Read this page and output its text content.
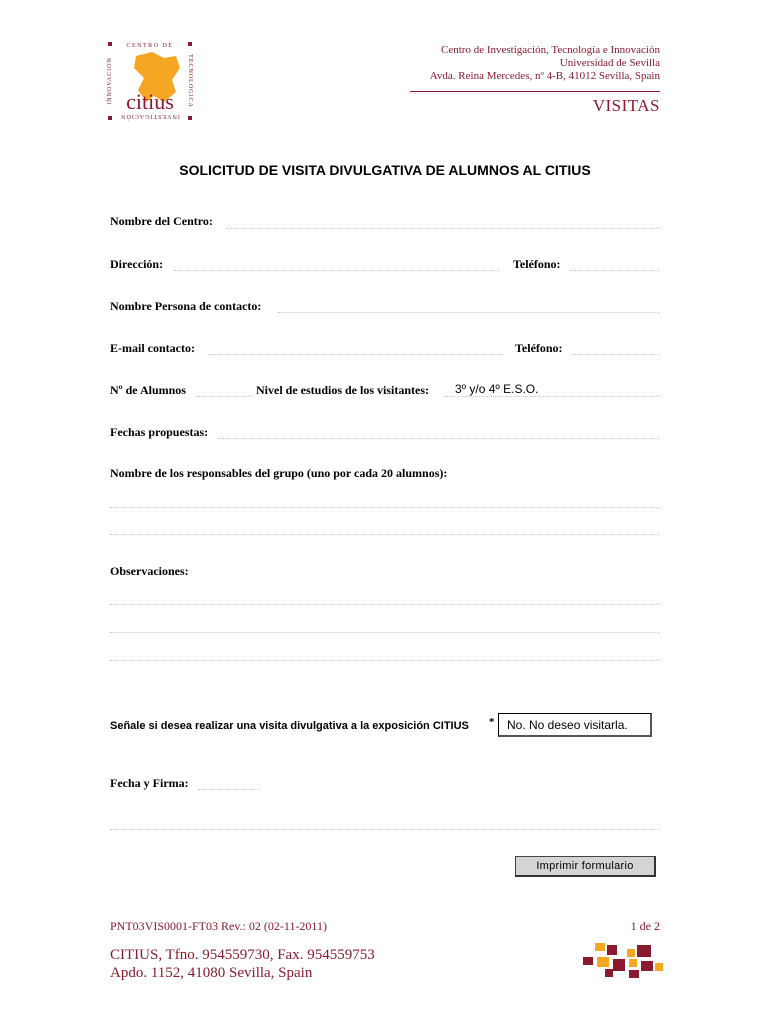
CENTRO DE
INVESTIGACIÓN
INNOVACIÓN	TECNOLÓGICA
citius
Centro de Investigación, Tecnología e Innovación
Universidad de Sevilla
Avda. Reina Mercedes, nº 4-B, 41012 Sevilla, Spain
VISITAS
SOLICITUD DE VISITA DIVULGATIVA DE ALUMNOS AL CITIUS
Nombre del Centro:
Dirección:	Teléfono:
Nombre Persona de contacto:
E-mail contacto:	Teléfono:
Nº de Alumnos	Nivel de estudios de los visitantes: 3º y/o 4º E.S.O.
Fechas propuestas:
Nombre de los responsables del grupo (uno por cada 20 alumnos):
Observaciones:
Señale si desea realizar una visita divulgativa a la exposición CITIUS *	No. No deseo visitarla.
Fecha y Firma:
Imprimir formulario
PNT03VIS0001-FT03 Rev.: 02 (02-11-2011)	1 de 2
CITIUS, Tfno. 954559730, Fax. 954559753
Apdo. 1152, 41080 Sevilla, Spain
